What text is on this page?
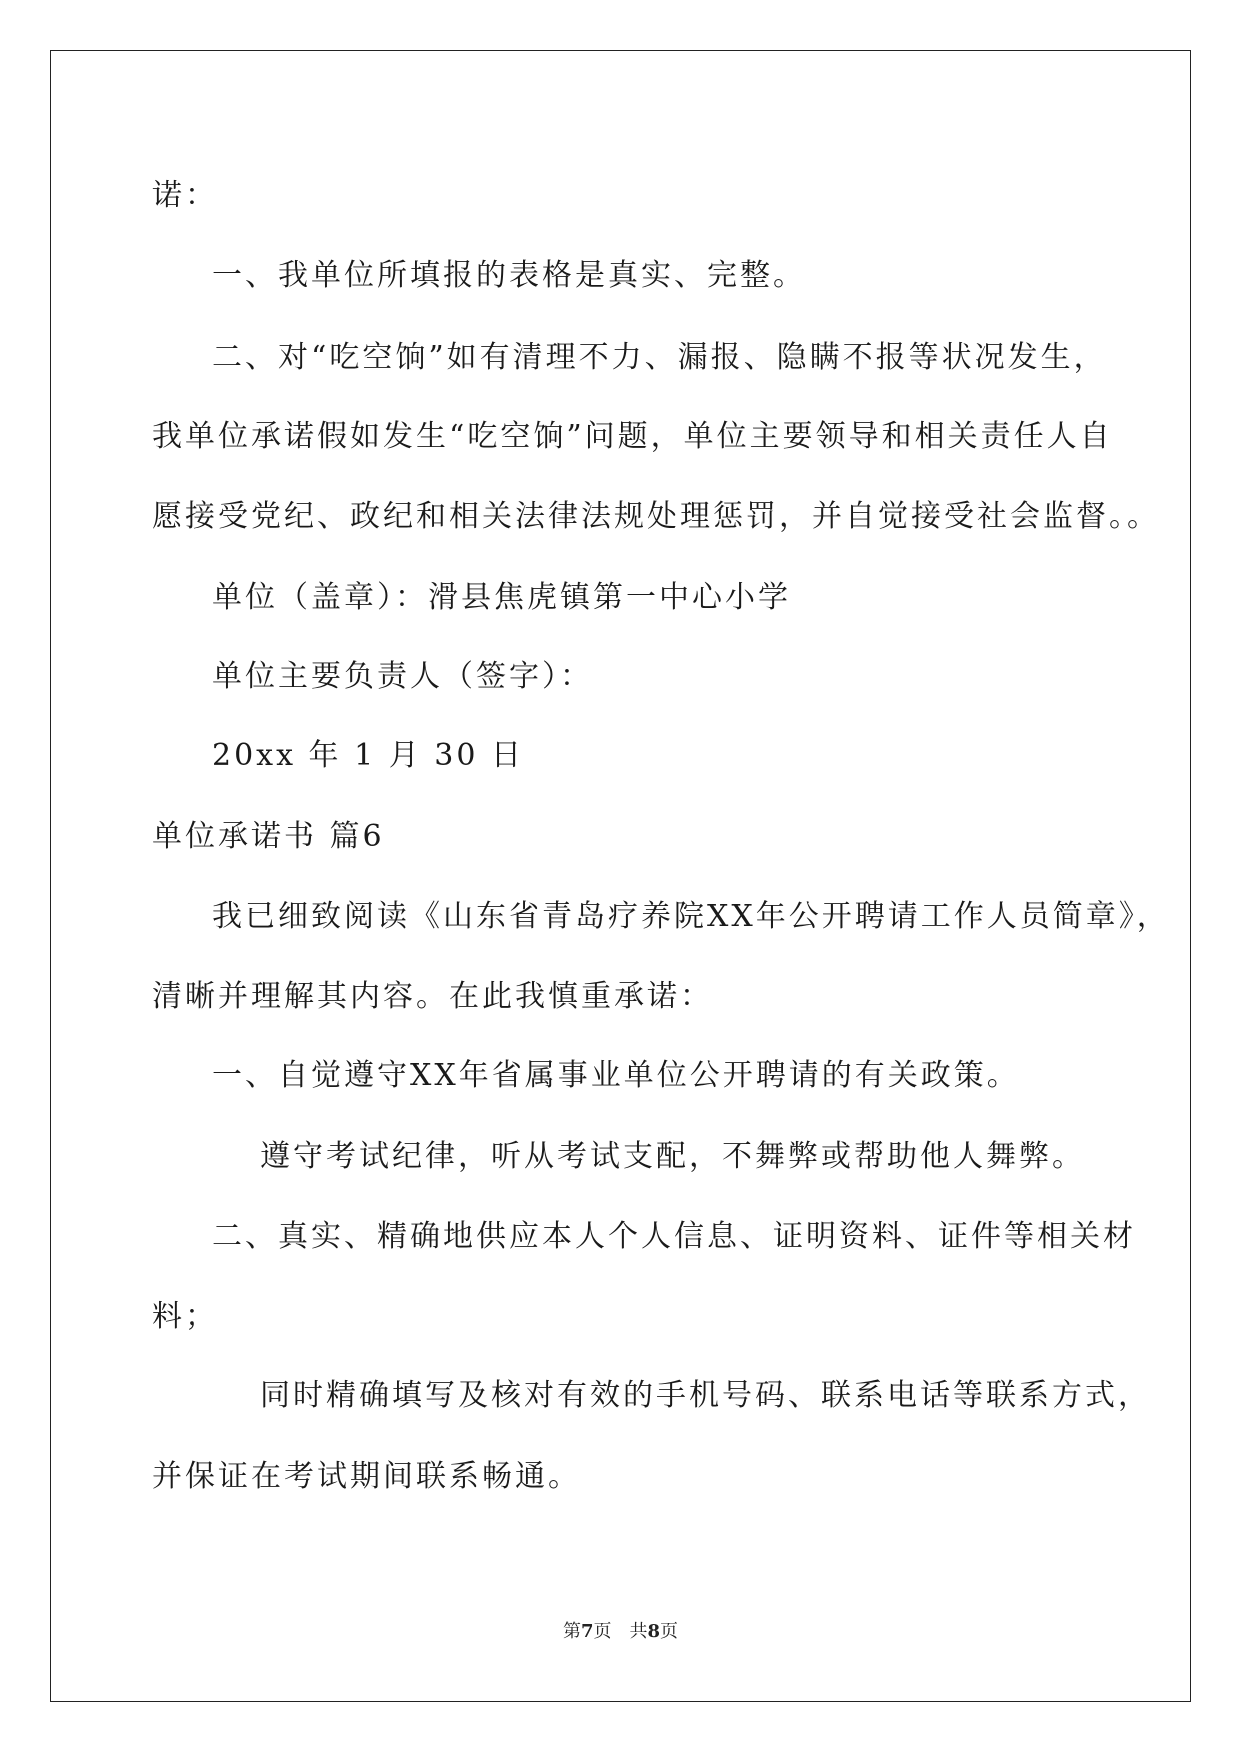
诺：
一、我单位所填报的表格是真实、完整。
二、对“吃空饷”如有清理不力、漏报、隐瞒不报等状况发生，
我单位承诺假如发生“吃空饷”问题，单位主要领导和相关责任人自
愿接受党纪、政纪和相关法律法规处理惩罚，并自觉接受社会监督。。
单位（盖章）：滑县焦虎镇第一中心小学
单位主要负责人（签字）：
20xx 年 1 月 30 日
单位承诺书 篇6
我已细致阅读《山东省青岛疗养院XX年公开聘请工作人员简章》，
清晰并理解其内容。在此我慎重承诺：
一、自觉遵守XX年省属事业单位公开聘请的有关政策。
遵守考试纪律，听从考试支配，不舞弊或帮助他人舞弊。
二、真实、精确地供应本人个人信息、证明资料、证件等相关材
料；
同时精确填写及核对有效的手机号码、联系电话等联系方式，
并保证在考试期间联系畅通。
第7页　共8页
